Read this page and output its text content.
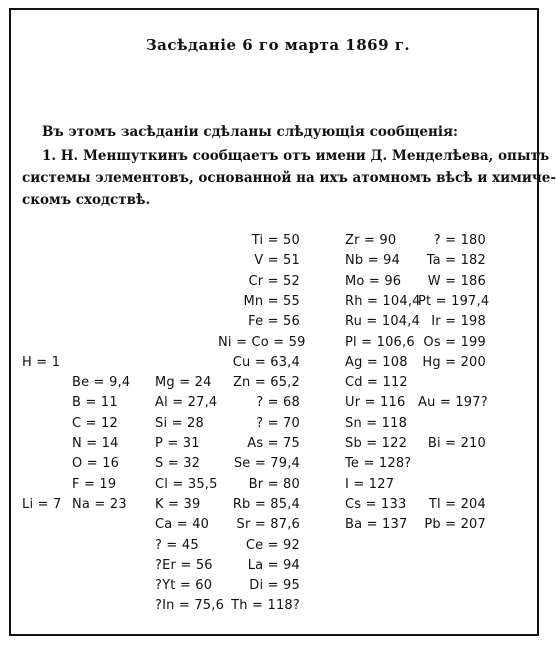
Засѣданіе 6 го марта 1869 г.
Въ этомъ засѣданіи сдѣланы слѣдующія сообщенія:
1. Н. Меншуткинъ сообщаетъ отъ имени Д. Менделѣева, опытъ
системы элементовъ, основанной на ихъ атомномъ вѣсѣ и химиче-
скомъ сходствѣ.
H = 1
Li = 7
Be = 9,4
B = 11
C = 12
N = 14
O = 16
F = 19
Na = 23
Mg = 24
Al = 27,4
Si = 28
P = 31
S = 32
Cl = 35,5
K = 39
Ca = 40
? = 45
?Er = 56
?Yt = 60
?In = 75,6
Ti = 50
V = 51
Cr = 52
Mn = 55
Fe = 56
Ni = Co = 59
Cu = 63,4
Zn = 65,2
? = 68
? = 70
As = 75
Se = 79,4
Br = 80
Rb = 85,4
Sr = 87,6
Ce = 92
La = 94
Di = 95
Th = 118?
Zr = 90
Nb = 94
Mo = 96
Rh = 104,4
Ru = 104,4
Pl = 106,6
Ag = 108
Cd = 112
Ur = 116
Sn = 118
Sb = 122
Te = 128?
I = 127
Cs = 133
Ba = 137
? = 180
Ta = 182
W = 186
Pt = 197,4
Ir = 198
Os = 199
Hg = 200
Au = 197?
Bi = 210
Tl = 204
Pb = 207
